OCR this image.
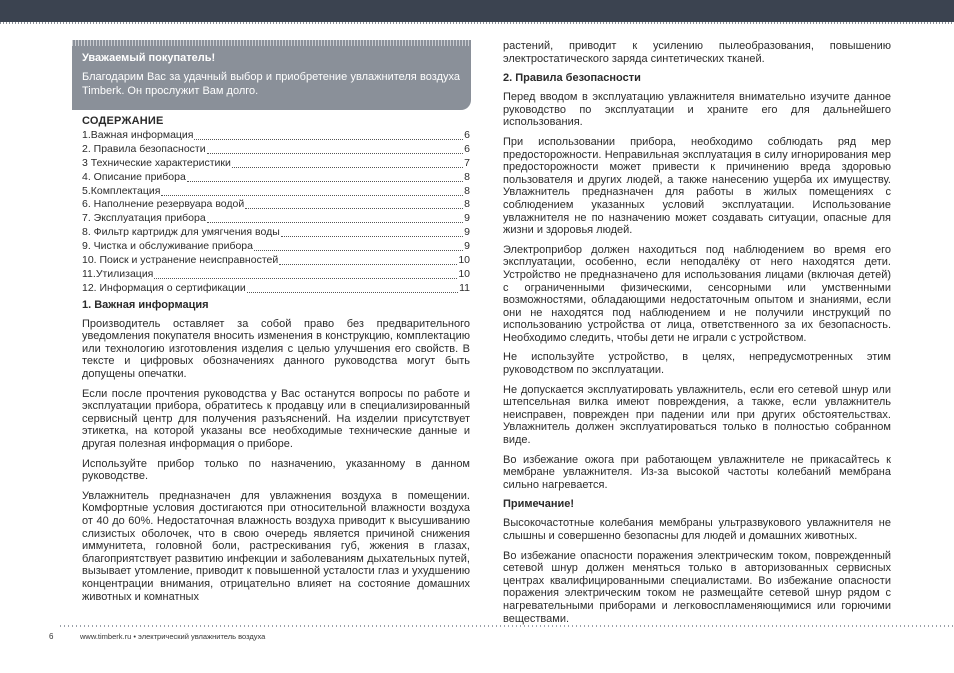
Уважаемый покупатель!
Благодарим Вас за удачный выбор и приобретение увлажнителя воздуха Timberk. Он прослужит Вам долго.
СОДЕРЖАНИЕ
1.Важная информация	6
2. Правила безопасности	6
3 Технические характеристики	7
4. Описание прибора	8
5.Комплектация	8
6. Наполнение резервуара водой	8
7. Эксплуатация прибора	9
8. Фильтр картридж для умягчения воды	9
9. Чистка и обслуживание прибора	9
10. Поиск и устранение неисправностей	10
11.Утилизация	10
12. Информация о сертификации	11
1. Важная информация

Производитель оставляет за собой право без предварительного уведомления покупателя вносить изменения в конструкцию, комплектацию или технологию изготовления изделия с целью улучшения его свойств. В тексте и цифровых обозначениях данного руководства могут быть допущены опечатки.

Если после прочтения руководства у Вас останутся вопросы по работе и эксплуатации прибора, обратитесь к продавцу или в специализированный сервисный центр для получения разъяснений. На изделии присутствует этикетка, на которой указаны все необходимые технические данные и другая полезная информация о приборе.

Используйте прибор только по назначению, указанному в данном руководстве.

Увлажнитель предназначен для увлажнения воздуха в помещении. Комфортные условия достигаются при относительной влажности воздуха от 40 до 60%. Недостаточная влажность воздуха приводит к высушиванию слизистых оболочек, что в свою очередь является причиной снижения иммунитета, головной боли, растрескивания губ, жжения в глазах, благоприятствует развитию инфекции и заболеваниям дыхательных путей, вызывает утомление, приводит к повышенной усталости глаз и ухудшению концентрации внимания, отрицательно влияет на состояние домашних животных и комнатных

растений, приводит к усилению пылеобразования, повышению электростатического заряда синтетических тканей.

2. Правила безопасности

Перед вводом в эксплуатацию увлажнителя внимательно изучите данное руководство по эксплуатации и храните его для дальнейшего использования.

При использовании прибора, необходимо соблюдать ряд мер предосторожности. Неправильная эксплуатация в силу игнорирования мер предосторожности может привести к причинению вреда здоровью пользователя и других людей, а также нанесению ущерба их имуществу. Увлажнитель предназначен для работы в жилых помещениях с соблюдением указанных условий эксплуатации. Использование увлажнителя не по назначению может создавать ситуации, опасные для жизни и здоровья людей.

Электроприбор должен находиться под наблюдением во время его эксплуатации, особенно, если неподалёку от него находятся дети. Устройство не предназначено для использования лицами (включая детей) с ограниченными физическими, сенсорными или умственными возможностями, обладающими недостаточным опытом и знаниями, если они не находятся под наблюдением и не получили инструкций по использованию устройства от лица, ответственного за их безопасность. Необходимо следить, чтобы дети не играли с устройством.

Не используйте устройство, в целях, непредусмотренных этим руководством по эксплуатации.

Не допускается эксплуатировать увлажнитель, если его сетевой шнур или штепсельная вилка имеют повреждения, а также, если увлажнитель неисправен, поврежден при падении или при других обстоятельствах. Увлажнитель должен эксплуатироваться только в полностью собранном виде.

Во избежание ожога при работающем увлажнителе не прикасайтесь к мембране увлажнителя. Из-за высокой частоты колебаний мембрана сильно нагревается.

Примечание!

Высокочастотные колебания мембраны ультразвукового увлажнителя не слышны и совершенно безопасны для людей и домашних животных.

Во избежание опасности поражения электрическим током, поврежденный сетевой шнур должен меняться только в авторизованных сервисных центрах квалифицированными специалистами. Во избежание опасности поражения электрическим током не размещайте сетевой шнур рядом с нагревательными приборами и легковоспламеняющимися или горючими веществами.

6	www.timberk.ru • электрический увлажнитель воздуха
